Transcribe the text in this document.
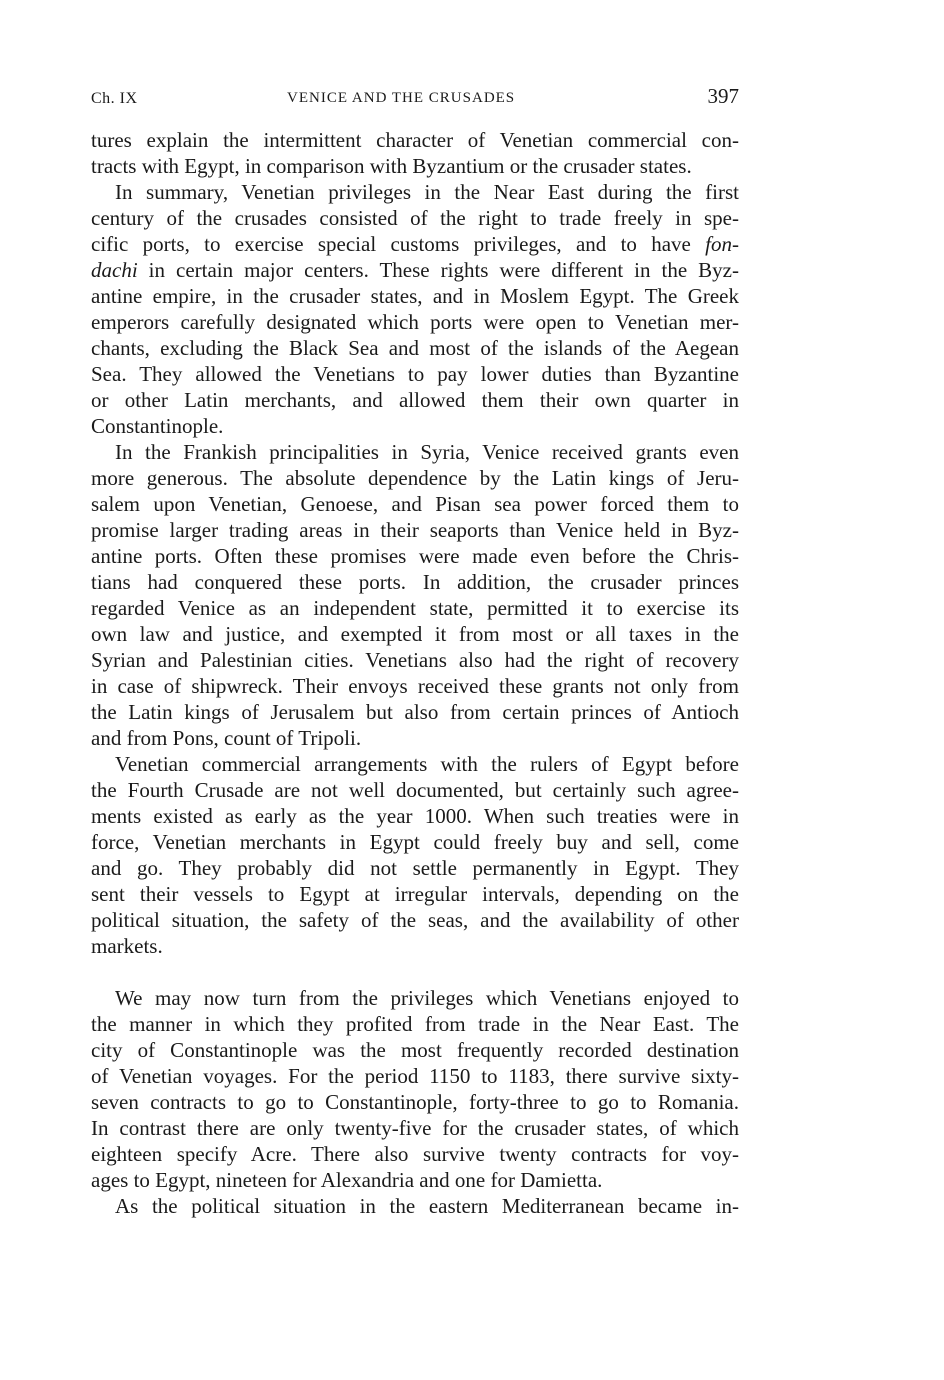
Ch. IX	VENICE AND THE CRUSADES	397

tures explain the intermittent character of Venetian commercial con-
tracts with Egypt, in comparison with Byzantium or the crusader states.

In summary, Venetian privileges in the Near East during the first
century of the crusades consisted of the right to trade freely in spe-
cific ports, to exercise special customs privileges, and to have fon-
dachi in certain major centers. These rights were different in the Byz-
antine empire, in the crusader states, and in Moslem Egypt. The Greek
emperors carefully designated which ports were open to Venetian mer-
chants, excluding the Black Sea and most of the islands of the Aegean
Sea. They allowed the Venetians to pay lower duties than Byzantine
or other Latin merchants, and allowed them their own quarter in
Constantinople.

In the Frankish principalities in Syria, Venice received grants even
more generous. The absolute dependence by the Latin kings of Jeru-
salem upon Venetian, Genoese, and Pisan sea power forced them to
promise larger trading areas in their seaports than Venice held in Byz-
antine ports. Often these promises were made even before the Chris-
tians had conquered these ports. In addition, the crusader princes
regarded Venice as an independent state, permitted it to exercise its
own law and justice, and exempted it from most or all taxes in the
Syrian and Palestinian cities. Venetians also had the right of recovery
in case of shipwreck. Their envoys received these grants not only from
the Latin kings of Jerusalem but also from certain princes of Antioch
and from Pons, count of Tripoli.

Venetian commercial arrangements with the rulers of Egypt before
the Fourth Crusade are not well documented, but certainly such agree-
ments existed as early as the year 1000. When such treaties were in
force, Venetian merchants in Egypt could freely buy and sell, come
and go. They probably did not settle permanently in Egypt. They
sent their vessels to Egypt at irregular intervals, depending on the
political situation, the safety of the seas, and the availability of other
markets.

We may now turn from the privileges which Venetians enjoyed to
the manner in which they profited from trade in the Near East. The
city of Constantinople was the most frequently recorded destination
of Venetian voyages. For the period 1150 to 1183, there survive sixty-
seven contracts to go to Constantinople, forty-three to go to Romania.
In contrast there are only twenty-five for the crusader states, of which
eighteen specify Acre. There also survive twenty contracts for voy-
ages to Egypt, nineteen for Alexandria and one for Damietta.

As the political situation in the eastern Mediterranean became in-
